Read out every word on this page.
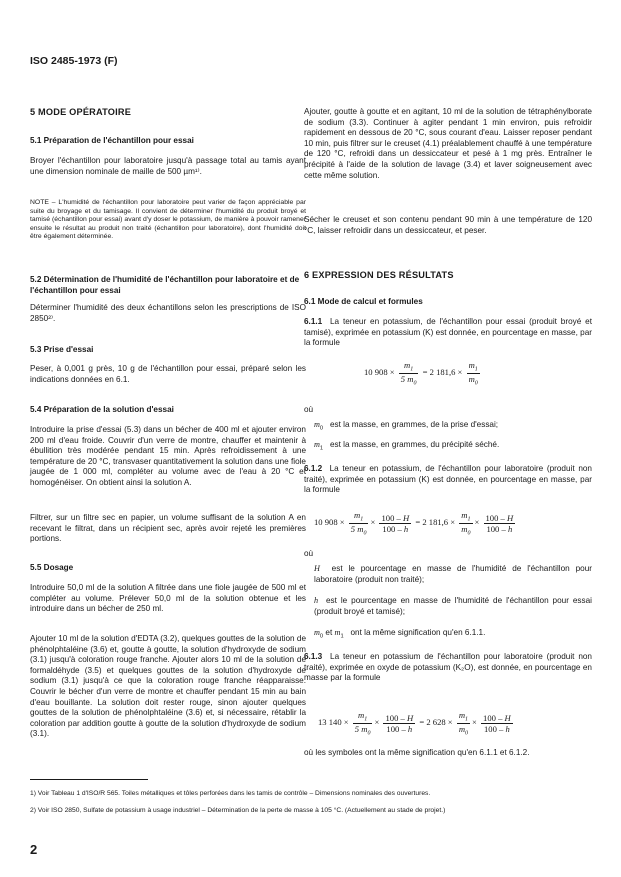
ISO 2485-1973 (F)
5 MODE OPÉRATOIRE
5.1 Préparation de l'échantillon pour essai
Broyer l'échantillon pour laboratoire jusqu'à passage total au tamis ayant une dimension nominale de maille de 500 µm¹⁾.
NOTE – L'humidité de l'échantillon pour laboratoire peut varier de façon appréciable par suite du broyage et du tamisage. Il convient de déterminer l'humidité du produit broyé et tamisé (échantillon pour essai) avant d'y doser le potassium, de manière à pouvoir ramener ensuite le résultat au produit non traité (échantillon pour laboratoire), dont l'humidité doit être également déterminée.
5.2 Détermination de l'humidité de l'échantillon pour laboratoire et de l'échantillon pour essai
Déterminer l'humidité des deux échantillons selon les prescriptions de ISO 2850²⁾.
5.3 Prise d'essai
Peser, à 0,001 g près, 10 g de l'échantillon pour essai, préparé selon les indications données en 6.1.
5.4 Préparation de la solution d'essai
Introduire la prise d'essai (5.3) dans un bécher de 400 ml et ajouter environ 200 ml d'eau froide. Couvrir d'un verre de montre, chauffer et maintenir à ébullition très modérée pendant 15 min. Après refroidissement à une température de 20 °C, transvaser quantitativement la solution dans une fiole jaugée de 1 000 ml, compléter au volume avec de l'eau à 20 °C et homogénéiser. On obtient ainsi la solution A.
Filtrer, sur un filtre sec en papier, un volume suffisant de la solution A en recevant le filtrat, dans un récipient sec, après avoir rejeté les premières portions.
5.5 Dosage
Introduire 50,0 ml de la solution A filtrée dans une fiole jaugée de 500 ml et compléter au volume. Prélever 50,0 ml de la solution obtenue et les introduire dans un bécher de 250 ml.
Ajouter 10 ml de la solution d'EDTA (3.2), quelques gouttes de la solution de phénolphtaléine (3.6) et, goutte à goutte, la solution d'hydroxyde de sodium (3.1) jusqu'à coloration rouge franche. Ajouter alors 10 ml de la solution de formaldéhyde (3.5) et quelques gouttes de la solution d'hydroxyde de sodium (3.1) jusqu'à ce que la coloration rouge franche réapparaisse. Couvrir le bécher d'un verre de montre et chauffer pendant 15 min au bain d'eau bouillante. La solution doit rester rouge, sinon ajouter quelques gouttes de la solution de phénolphtaléine (3.6) et, si nécessaire, rétablir la coloration par addition goutte à goutte de la solution d'hydroxyde de sodium (3.1).
Ajouter, goutte à goutte et en agitant, 10 ml de la solution de tétraphénylborate de sodium (3.3). Continuer à agiter pendant 1 min environ, puis refroidir rapidement en dessous de 20 °C, sous courant d'eau. Laisser reposer pendant 10 min, puis filtrer sur le creuset (4.1) préalablement chauffé à une température de 120 °C, refroidi dans un dessiccateur et pesé à 1 mg près. Entraîner le précipité à l'aide de la solution de lavage (3.4) et laver soigneusement avec cette même solution.
Sécher le creuset et son contenu pendant 90 min à une température de 120 °C, laisser refroidir dans un dessiccateur, et peser.
6 EXPRESSION DES RÉSULTATS
6.1 Mode de calcul et formules
6.1.1 La teneur en potassium, de l'échantillon pour essai (produit broyé et tamisé), exprimée en potassium (K) est donnée, en pourcentage en masse, par la formule
10 $908 \times \frac{m_1}{5 m_0} = 2$ $181,6 \times \frac{m_1}{m_0}$
où
$m_0$ est la masse, en grammes, de la prise d'essai;
$m_1$ est la masse, en grammes, du précipité séché.
6.1.2 La teneur en potassium, de l'échantillon pour laboratoire (produit non traité), exprimée en potassium (K) est donnée, en pourcentage en masse, par la formule
10 $908 \times \frac{m_1}{5 m_0} \times \frac{100 - H}{100 - h} = 2$ $181,6 \times \frac{m_1}{m_0} \times \frac{100 - H}{100 - h}$
où
H est le pourcentage en masse de l'humidité de l'échantillon pour laboratoire (produit non traité);
h est le pourcentage en masse de l'humidité de l'échantillon pour essai (produit broyé et tamisé);
$m_0$ et $m_1$ ont la même signification qu'en 6.1.1.
6.1.3 La teneur en potassium de l'échantillon pour laboratoire (produit non traité), exprimée en oxyde de potassium (K₂O), est donnée, en pourcentage en masse par la formule
13 $140 \times \frac{m_1}{5 m_0} \times \frac{100 - H}{100 - h} = 2$ $628 \times \frac{m_1}{m_0} \times \frac{100 - H}{100 - h}$
où les symboles ont la même signification qu'en 6.1.1 et 6.1.2.
1) Voir Tableau 1 d'ISO/R 565. Toiles métalliques et tôles perforées dans les tamis de contrôle – Dimensions nominales des ouvertures.
2) Voir ISO 2850, Sulfate de potassium à usage industriel – Détermination de la perte de masse à 105 °C. (Actuellement au stade de projet.)
2
